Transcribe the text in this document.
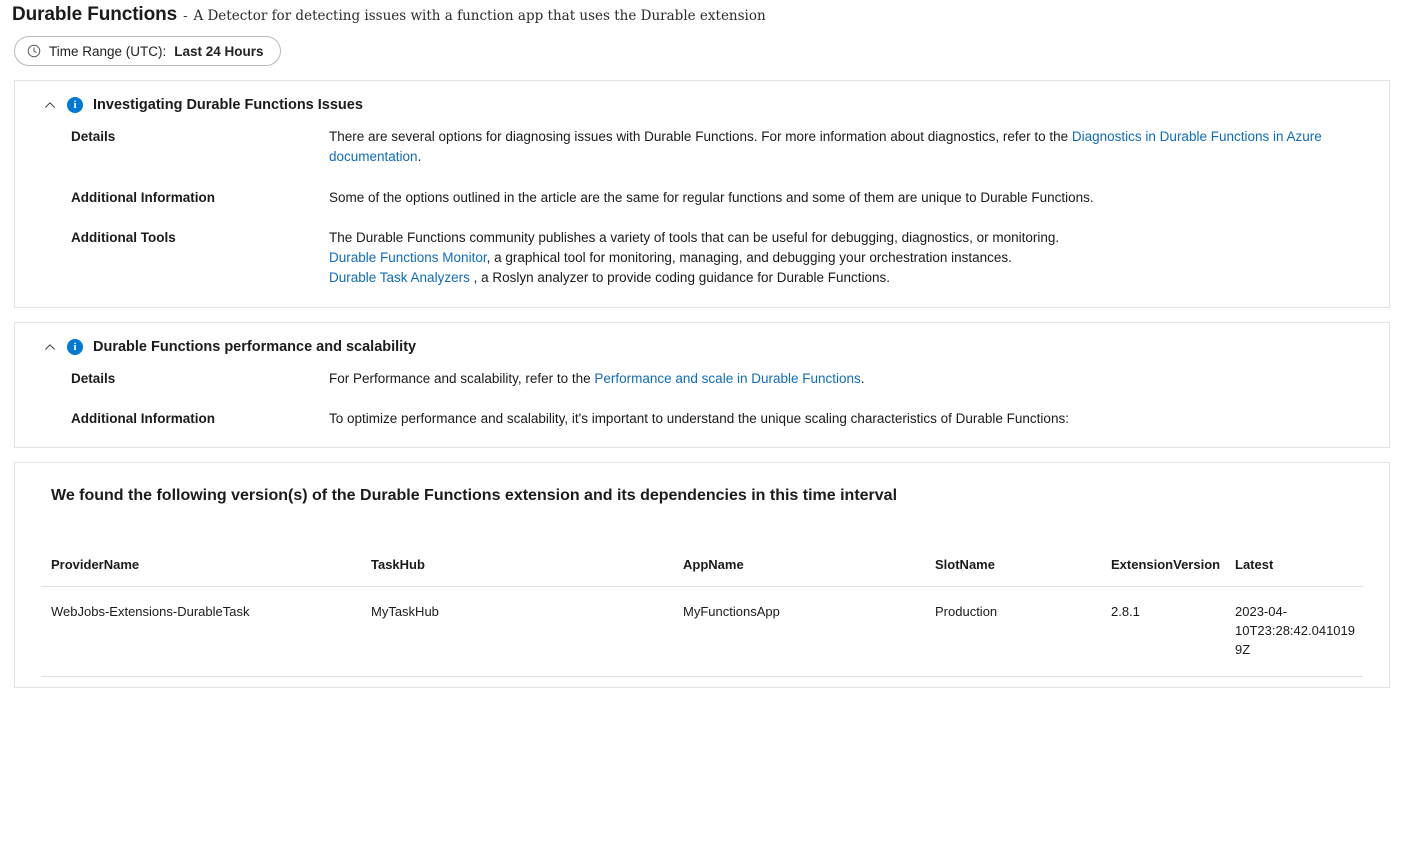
Durable Functions - A Detector for detecting issues with a function app that uses the Durable extension
Time Range (UTC): Last 24 Hours
i	Investigating Durable Functions Issues
Details	There are several options for diagnosing issues with Durable Functions. For more information about diagnostics, refer to the Diagnostics in Durable Functions in Azure documentation.
Additional Information	Some of the options outlined in the article are the same for regular functions and some of them are unique to Durable Functions.
Additional Tools	The Durable Functions community publishes a variety of tools that can be useful for debugging, diagnostics, or monitoring.
Durable Functions Monitor, a graphical tool for monitoring, managing, and debugging your orchestration instances.
Durable Task Analyzers , a Roslyn analyzer to provide coding guidance for Durable Functions.
i	Durable Functions performance and scalability
Details	For Performance and scalability, refer to the Performance and scale in Durable Functions.
Additional Information	To optimize performance and scalability, it's important to understand the unique scaling characteristics of Durable Functions:
We found the following version(s) of the Durable Functions extension and its dependencies in this time interval
ProviderName	TaskHub	AppName	SlotName	ExtensionVersion	Latest
WebJobs-Extensions-DurableTask	MyTaskHub	MyFunctionsApp	Production	2.8.1	2023-04-10T23:28:42.0410199Z
